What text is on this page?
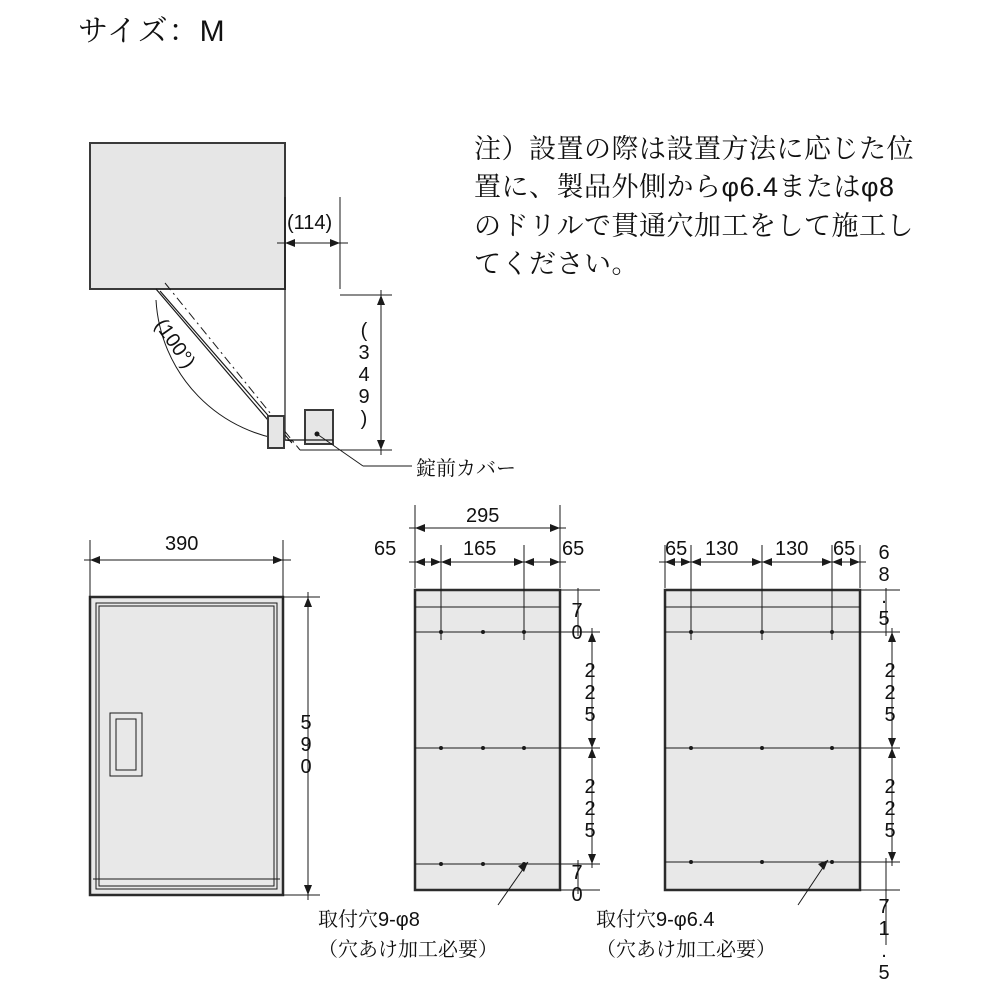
サイズ：M
注）設置の際は設置方法に応じた位置に、製品外側からφ6.4またはφ8のドリルで貫通穴加工をして施工してください。
(114)
(100°)	(349)
錠前カバー
390
590
295
65	165	65
70
225
225
70
取付穴9-φ8
（穴あけ加工必要）
65 130 130 65 68.5
225
225
71.5
取付穴9-φ6.4
（穴あけ加工必要）
